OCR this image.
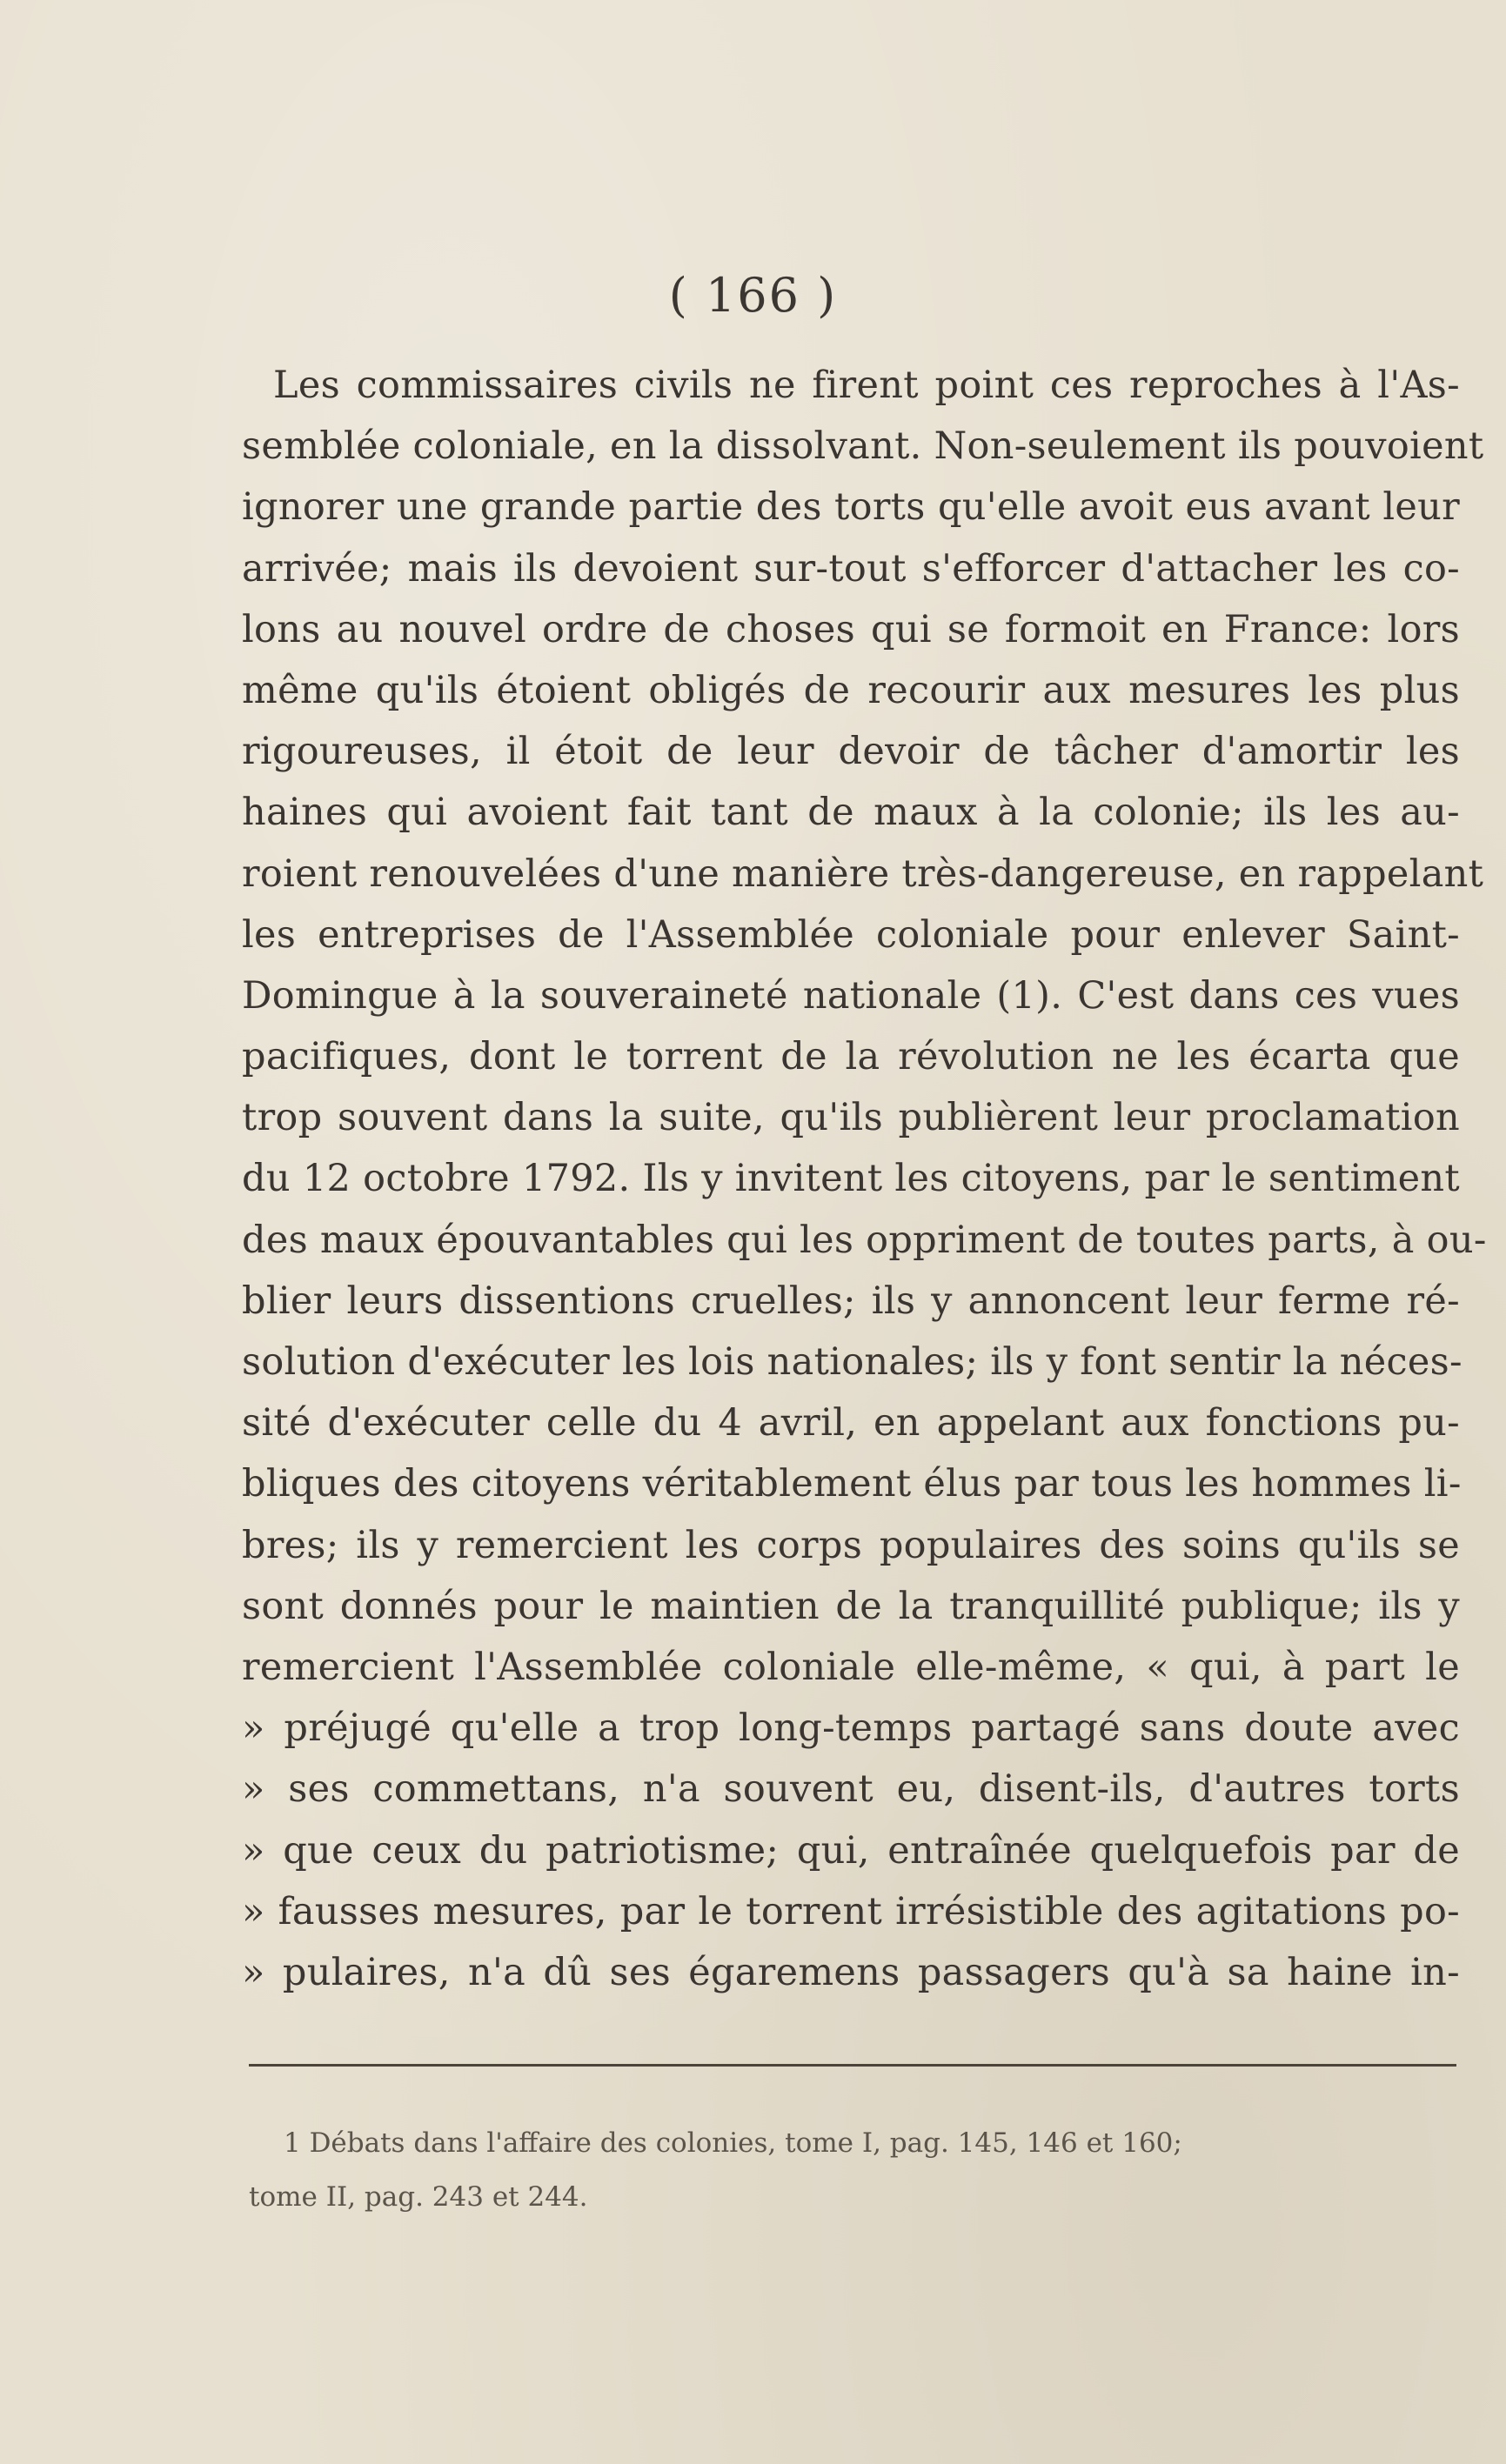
( 166 )
Les commissaires civils ne firent point ces reproches à l'As-
semblée coloniale, en la dissolvant. Non-seulement ils pouvoient
ignorer une grande partie des torts qu'elle avoit eus avant leur
arrivée; mais ils devoient sur-tout s'efforcer d'attacher les co-
lons au nouvel ordre de choses qui se formoit en France: lors
même qu'ils étoient obligés de recourir aux mesures les plus
rigoureuses, il étoit de leur devoir de tâcher d'amortir les
haines qui avoient fait tant de maux à la colonie; ils les au-
roient renouvelées d'une manière très-dangereuse, en rappelant
les entreprises de l'Assemblée coloniale pour enlever Saint-
Domingue à la souveraineté nationale (1). C'est dans ces vues
pacifiques, dont le torrent de la révolution ne les écarta que
trop souvent dans la suite, qu'ils publièrent leur proclamation
du 12 octobre 1792. Ils y invitent les citoyens, par le sentiment
des maux épouvantables qui les oppriment de toutes parts, à ou-
blier leurs dissentions cruelles; ils y annoncent leur ferme ré-
solution d'exécuter les lois nationales; ils y font sentir la néces-
sité d'exécuter celle du 4 avril, en appelant aux fonctions pu-
bliques des citoyens véritablement élus par tous les hommes li-
bres; ils y remercient les corps populaires des soins qu'ils se
sont donnés pour le maintien de la tranquillité publique; ils y
remercient l'Assemblée coloniale elle-même, « qui, à part le
» préjugé qu'elle a trop long-temps partagé sans doute avec
» ses commettans, n'a souvent eu, disent-ils, d'autres torts
» que ceux du patriotisme; qui, entraînée quelquefois par de
» fausses mesures, par le torrent irrésistible des agitations po-
» pulaires, n'a dû ses égaremens passagers qu'à sa haine in-
1 Débats dans l'affaire des colonies, tome I, pag. 145, 146 et 160;
tome II, pag. 243 et 244.
